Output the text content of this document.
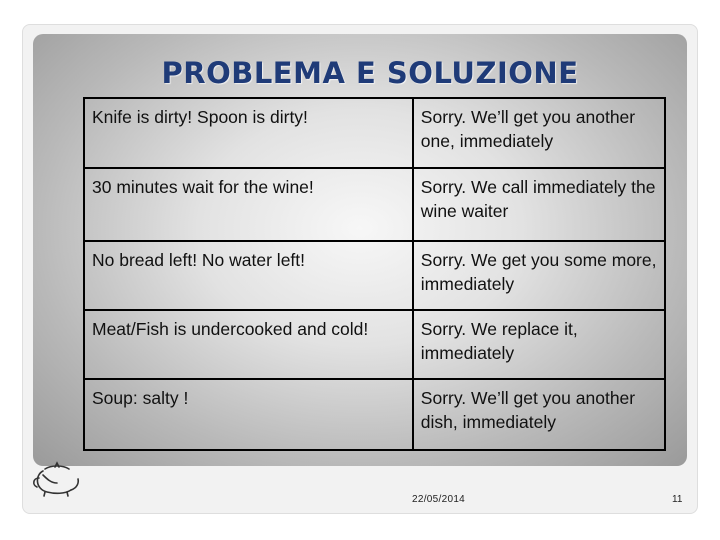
PROBLEMA E SOLUZIONE
Knife is dirty! Spoon is dirty!	Sorry. We’ll get you another one, immediately
30 minutes wait for the wine!	Sorry. We call immediately the wine waiter
No bread left! No water left!	Sorry. We get you some more, immediately
Meat/Fish is undercooked and cold!	Sorry. We replace it, immediately
Soup: salty !	Sorry. We’ll get you another dish, immediately
22/05/2014	11
